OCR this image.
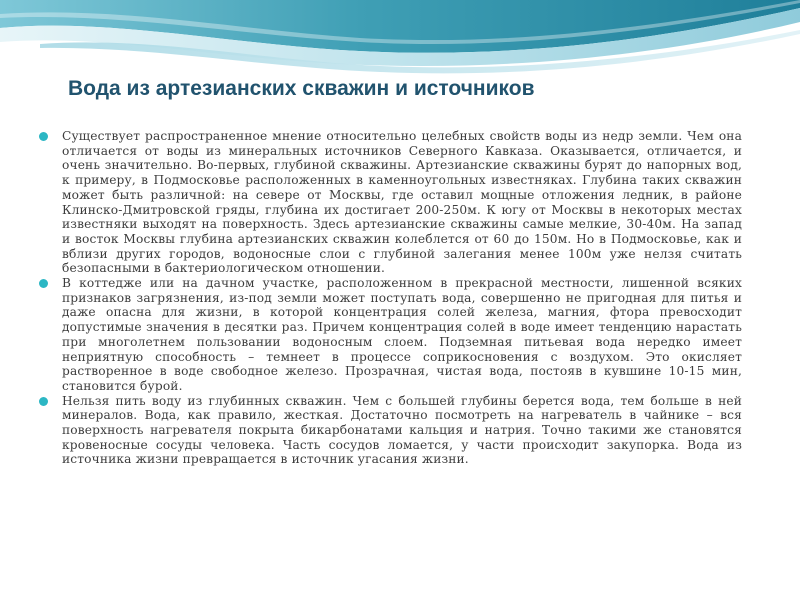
Вода из артезианских скважин и источников
Существует распространенное мнение относительно целебных свойств воды из недр земли. Чем она отличается от воды из минеральных источников Северного Кавказа. Оказывается, отличается, и очень значительно. Во-первых, глубиной скважины. Артезианские скважины бурят до напорных вод, к примеру, в Подмосковье расположенных в каменноугольных известняках. Глубина таких скважин может быть различной: на севере от Москвы, где оставил мощные отложения ледник, в районе Клинско-Дмитровской гряды, глубина их достигает 200-250м. К югу от Москвы в некоторых местах известняки выходят на поверхность. Здесь артезианские скважины самые мелкие, 30-40м. На запад и восток Москвы глубина артезианских скважин колеблется от 60 до 150м. Но в Подмосковье, как и вблизи других городов, водоносные слои с глубиной залегания менее 100м уже нелзя считать безопасными в бактериологическом отношении.
В коттедже или на дачном участке, расположенном в прекрасной местности, лишенной всяких признаков загрязнения, из-под земли может поступать вода, совершенно не пригодная для питья и даже опасна для жизни, в которой концентрация солей железа, магния, фтора превосходит допустимые значения в десятки раз. Причем концентрация солей в воде имеет тенденцию нарастать при многолетнем пользовании водоносным слоем. Подземная питьевая вода нередко имеет неприятную способность – темнеет в процессе соприкосновения с воздухом. Это окисляет растворенное в воде свободное железо. Прозрачная, чистая вода, постояв в кувшине 10-15 мин, становится бурой.
Нельзя пить воду из глубинных скважин. Чем с большей глубины берется вода, тем больше в ней минералов. Вода, как правило, жесткая. Достаточно посмотреть на нагреватель в чайнике – вся поверхность нагревателя покрыта бикарбонатами кальция и натрия. Точно такими же становятся кровеносные сосуды человека. Часть сосудов ломается, у части происходит закупорка. Вода из источника жизни превращается в источник угасания жизни.
